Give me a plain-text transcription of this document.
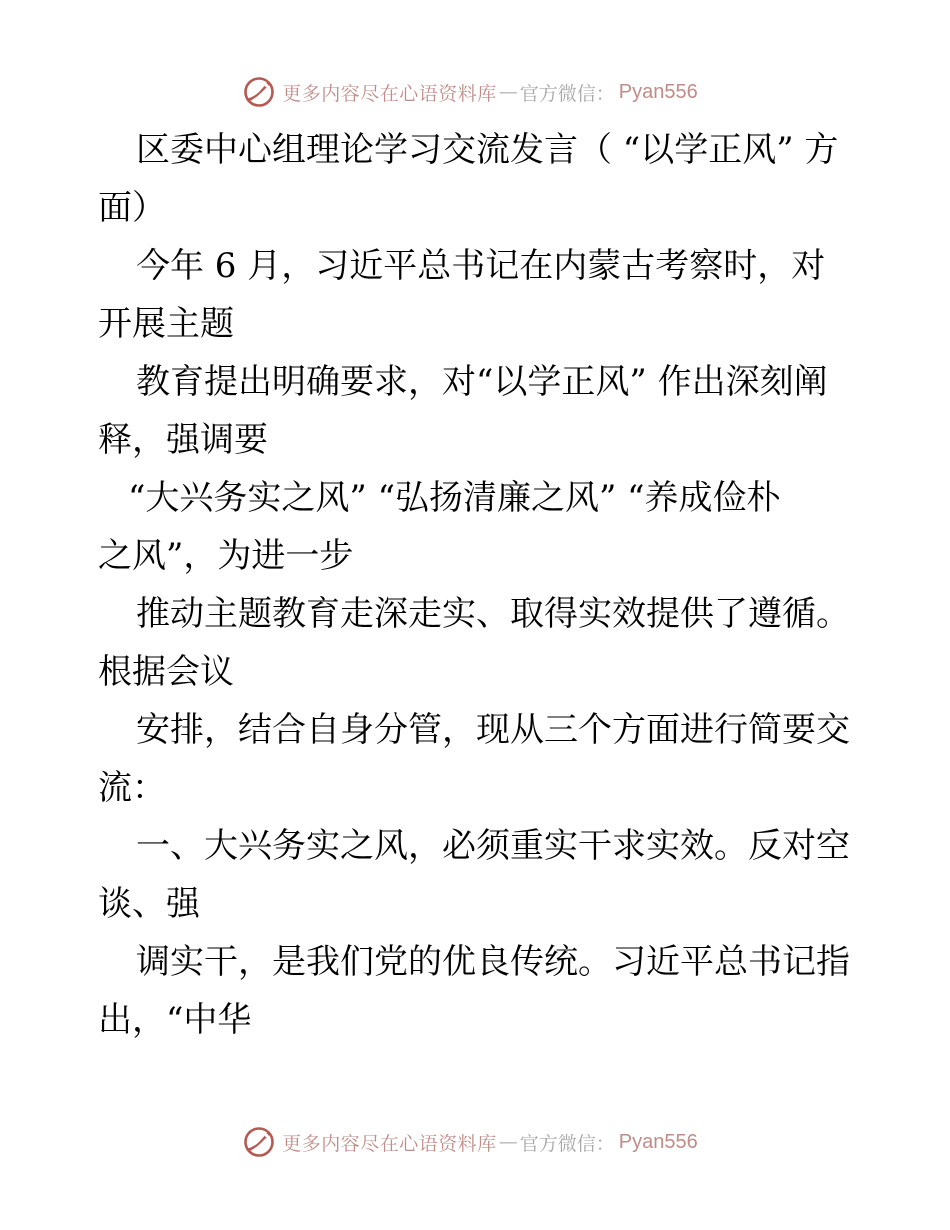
更多内容尽在心语资料库 — 官方微信： Pyan556
区委中心组理论学习交流发言（ “以学正风” 方
面）
今年 6 月，习近平总书记在内蒙古考察时，对
开展主题
教育提出明确要求，对“以学正风” 作出深刻阐
释，强调要
“大兴务实之风” “弘扬清廉之风” “养成俭朴
之风”，为进一步
推动主题教育走深走实、取得实效提供了遵循。
根据会议
安排，结合自身分管，现从三个方面进行简要交
流：
一、大兴务实之风，必须重实干求实效。反对空
谈、强
调实干，是我们党的优良传统。习近平总书记指
出，“中华
更多内容尽在心语资料库 — 官方微信： Pyan556
